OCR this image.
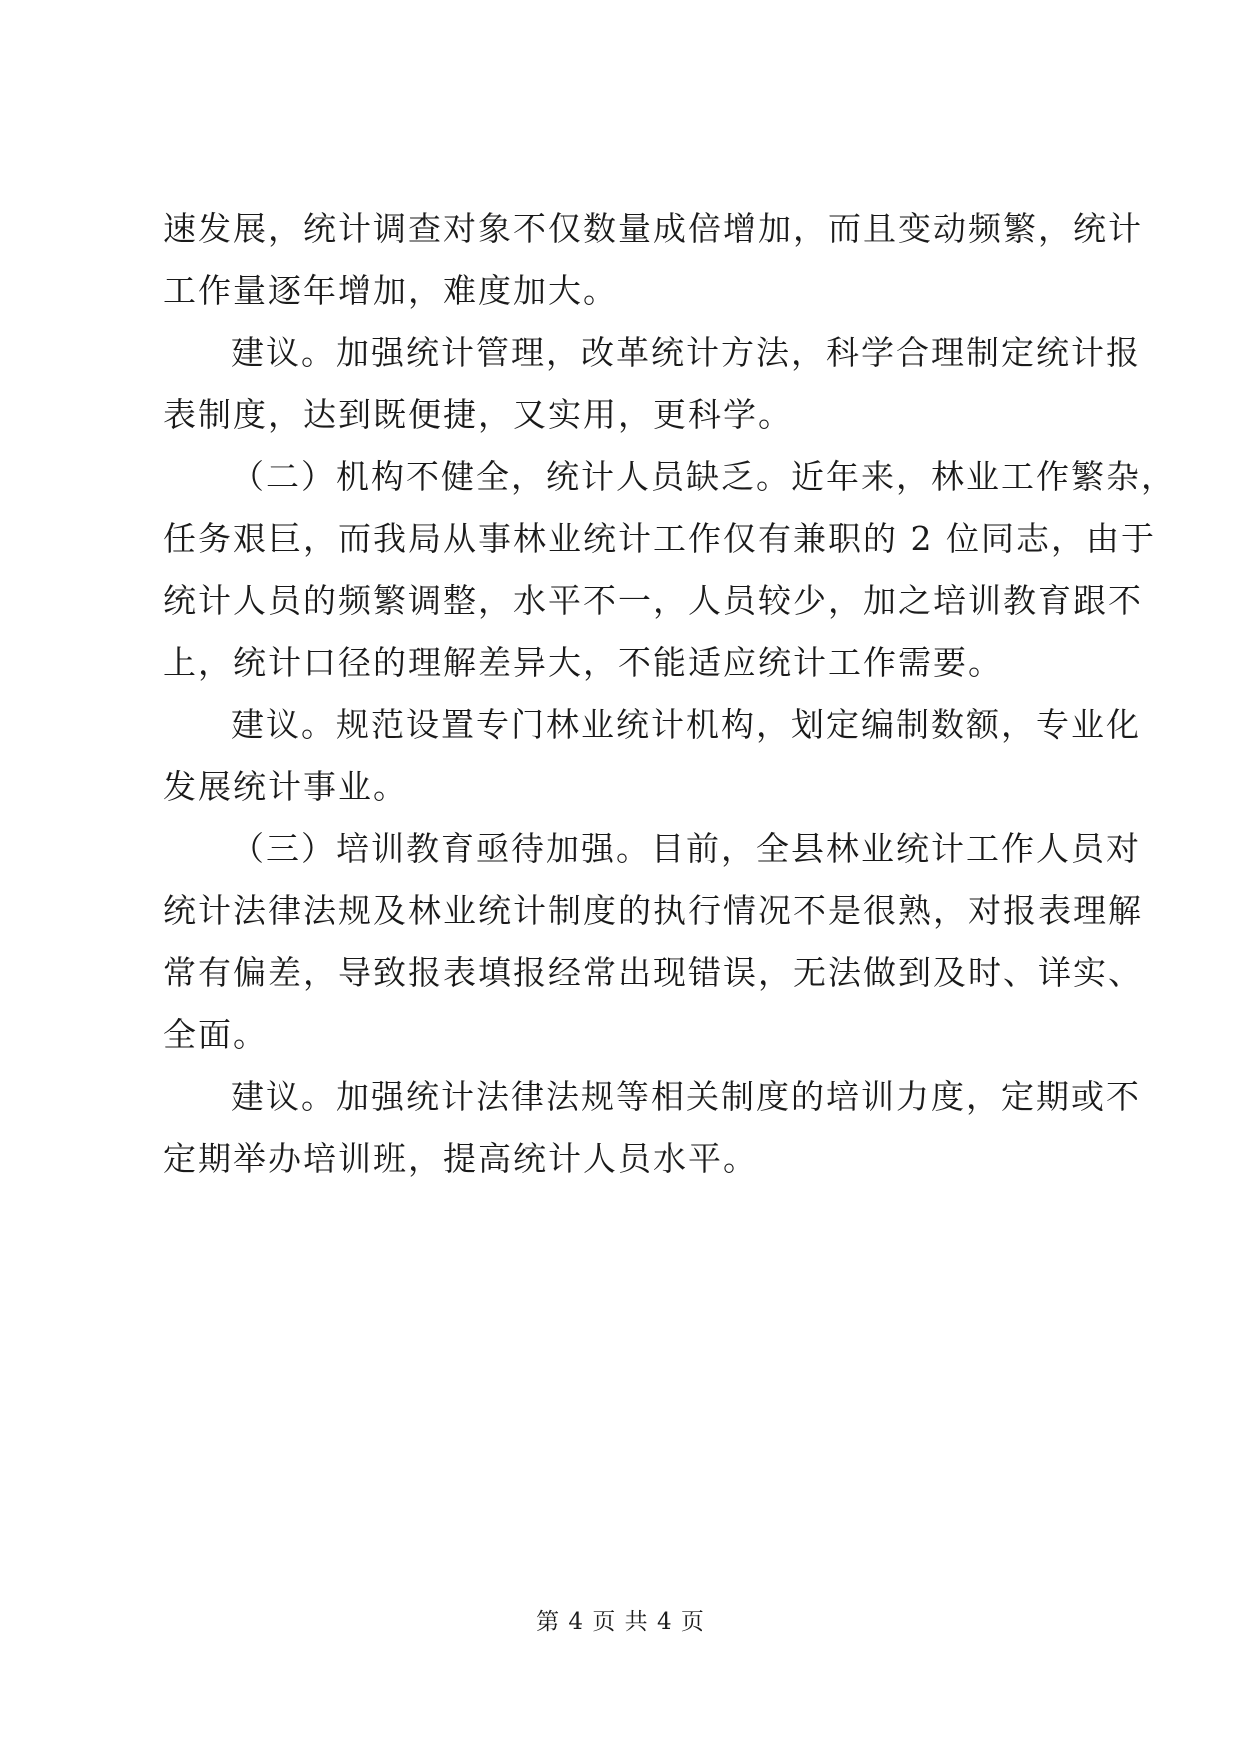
速发展，统计调查对象不仅数量成倍增加，而且变动频繁，统计
工作量逐年增加，难度加大。
建议。加强统计管理，改革统计方法，科学合理制定统计报
表制度，达到既便捷，又实用，更科学。
（二）机构不健全，统计人员缺乏。近年来，林业工作繁杂，
任务艰巨，而我局从事林业统计工作仅有兼职的 2 位同志，由于
统计人员的频繁调整，水平不一，人员较少，加之培训教育跟不
上，统计口径的理解差异大，不能适应统计工作需要。
建议。规范设置专门林业统计机构，划定编制数额，专业化
发展统计事业。
（三）培训教育亟待加强。目前，全县林业统计工作人员对
统计法律法规及林业统计制度的执行情况不是很熟，对报表理解
常有偏差，导致报表填报经常出现错误，无法做到及时、详实、
全面。
建议。加强统计法律法规等相关制度的培训力度，定期或不
定期举办培训班，提高统计人员水平。
第 4 页 共 4 页
